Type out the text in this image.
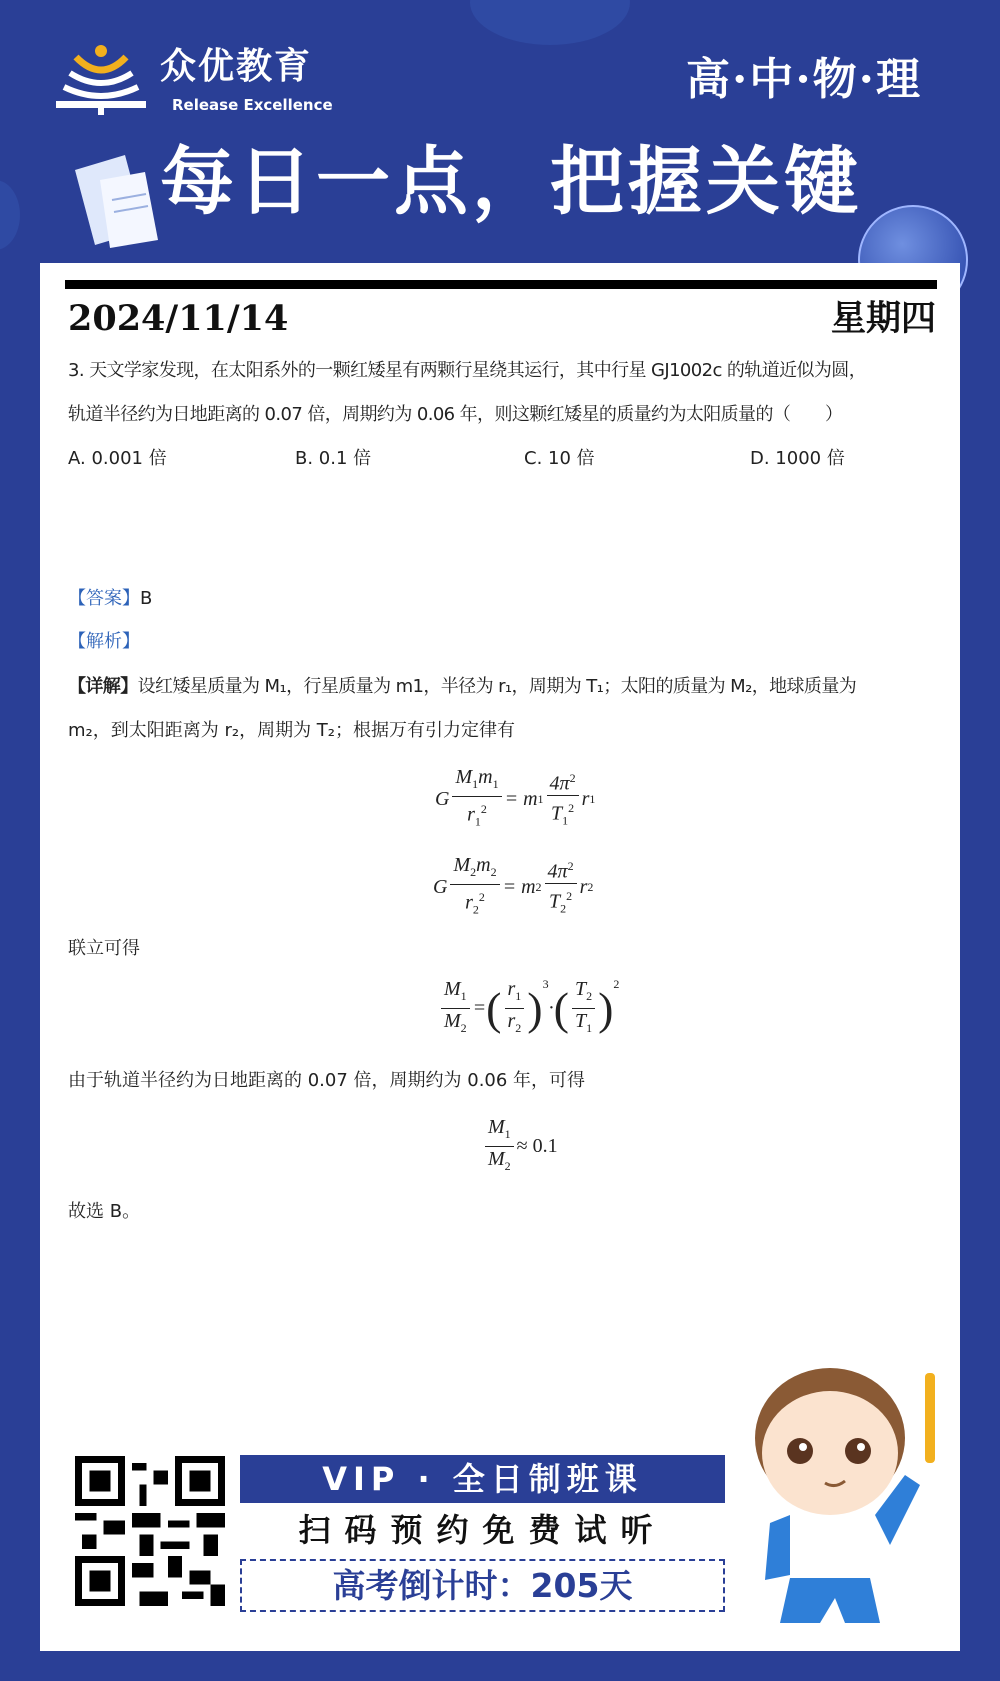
众优教育
Release Excellence	高·中·物·理
每日一点，把握关键
2024/11/14	星期四
3. 天文学家发现，在太阳系外的一颗红矮星有两颗行星绕其运行，其中行星 GJ1002c 的轨道近似为圆，
轨道半径约为日地距离的 0.07 倍，周期约为 0.06 年，则这颗红矮星的质量约为太阳质量的（　　）
A. 0.001 倍	B. 0.1 倍	C. 10 倍	D. 1000 倍
【答案】B
【解析】
【详解】设红矮星质量为 M₁，行星质量为 m1，半径为 r₁，周期为 T₁；太阳的质量为 M₂，地球质量为
m₂，到太阳距离为 r₂，周期为 T₂；根据万有引力定律有
G $\frac{M_1m_1}{r_1^2} = m$ $1 \frac{4\pi^2}{T_1^2}$ r 1
G $\frac{M_2m_2}{r_2^2} = m$ $2 \frac{4\pi^2}{T_2^2}$ r 2
联立可得
$\frac{M_1}{M_2}$ = ( $\frac{r_1}{r_2} )^3$
· ( $\frac{T_2}{T_1} )^2$
由于轨道半径约为日地距离的 0.07 倍，周期约为 0.06 年，可得
$\frac{M_1}{M_2} \approx 0.1$
故选 B。
VIP · 全日制班课
扫码预约免费试听
高考倒计时：205天
